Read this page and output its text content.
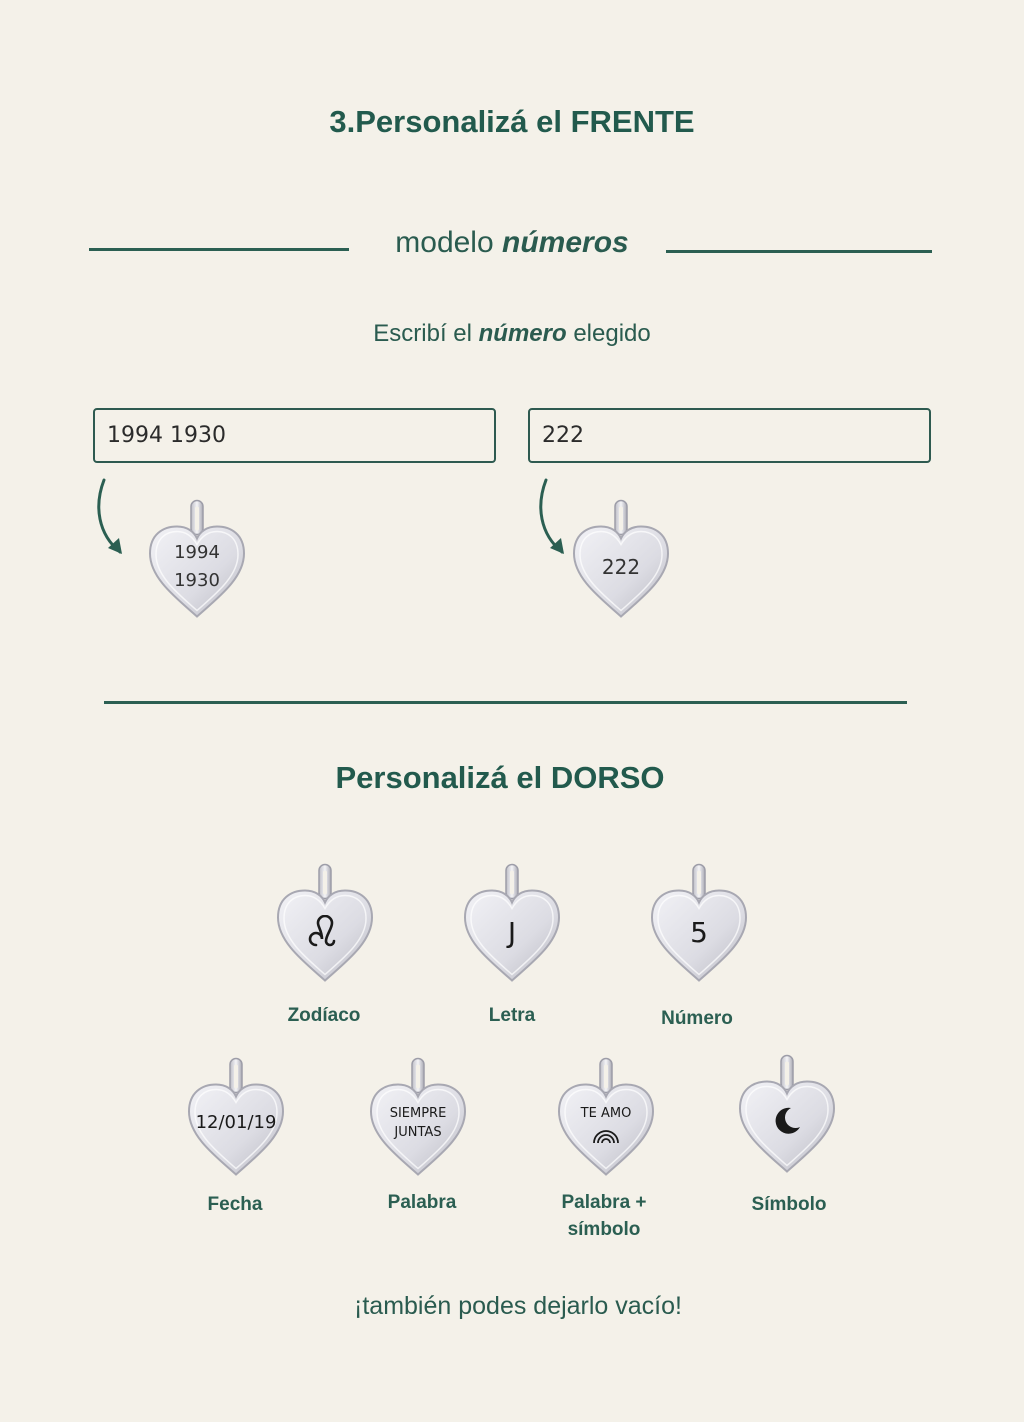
3.Personalizá el FRENTE
modelo números
Escribí el número elegido
1994 1930
222
1994
1930
222
Personalizá el DORSO
Zodíaco
J
Letra
5
Número
12/01/19
Fecha
SIEMPRE
JUNTAS
Palabra
TE AMO
Palabra +
símbolo
Símbolo
¡también podes dejarlo vacío!
